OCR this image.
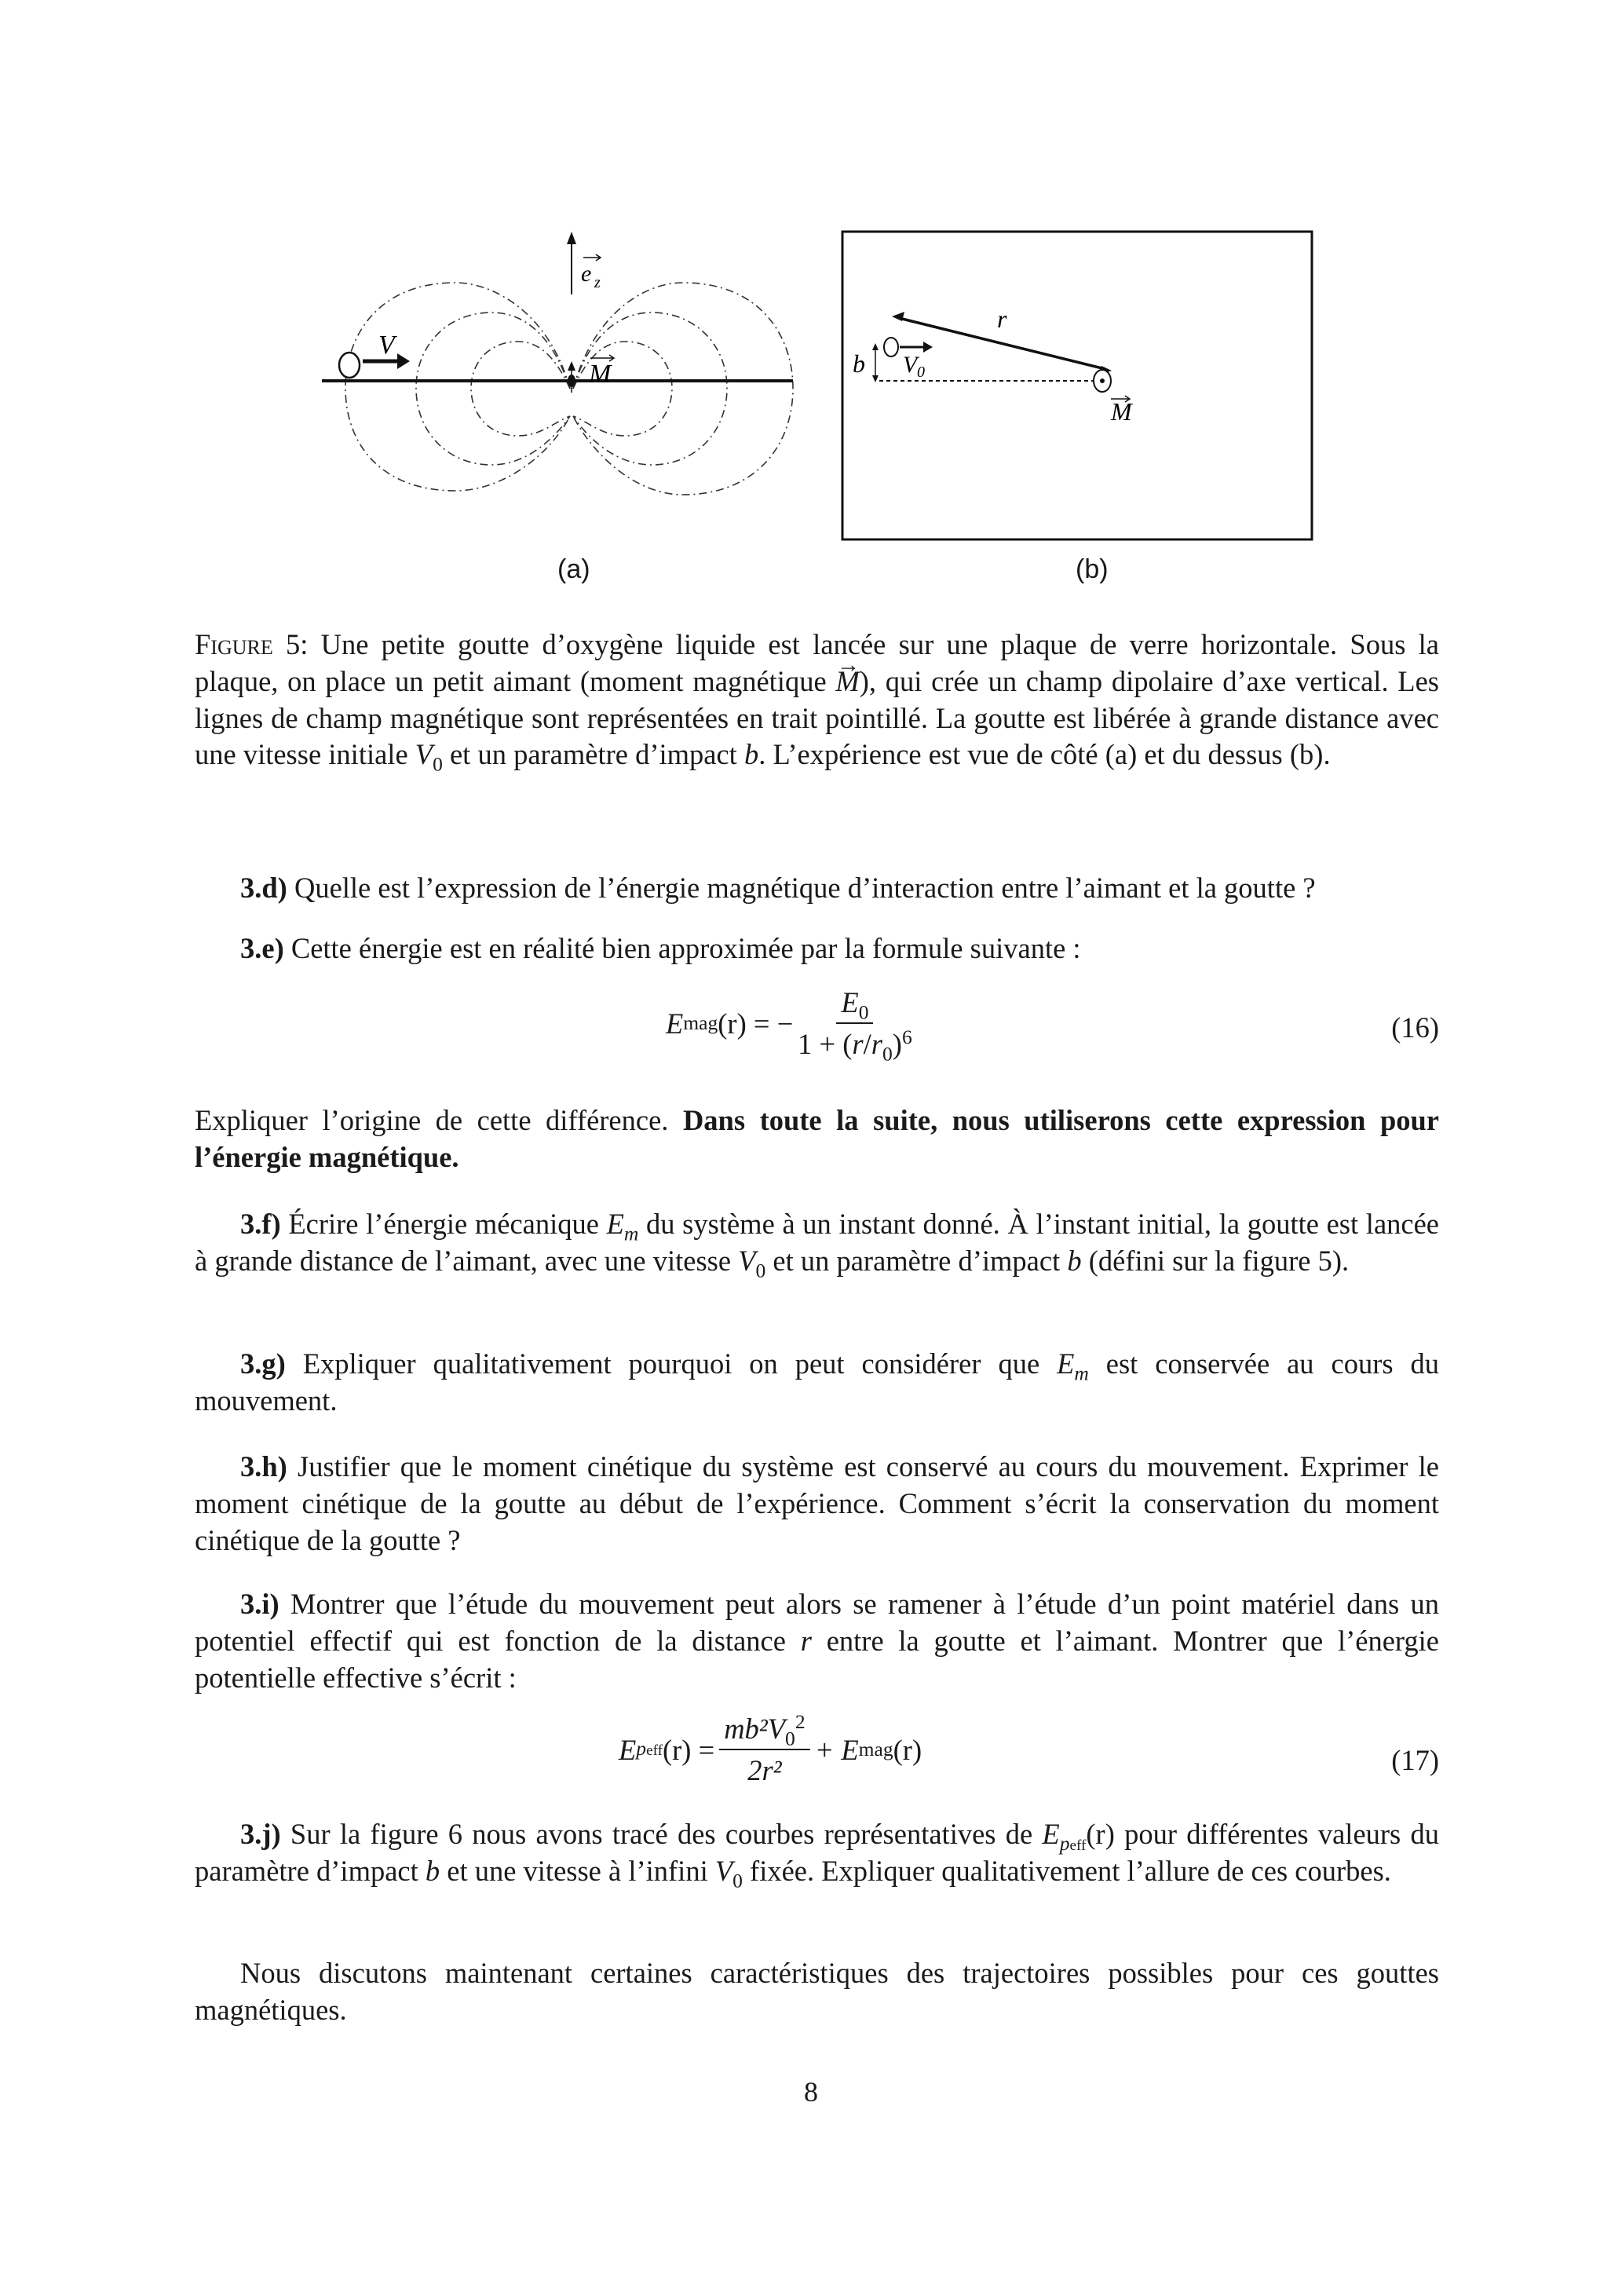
e z
V
M
(a)
r
V 0
b
M
(b)
Figure 5: Une petite goutte d’oxygène liquide est lancée sur une plaque de verre horizontale. Sous la plaque, on place un petit aimant (moment magnétique → M), qui crée un champ dipolaire d’axe vertical. Les lignes de champ magnétique sont représentées en trait pointillé. La goutte est libérée à grande distance avec une vitesse initiale $V_0$ et un paramètre d’impact b. L’expérience est vue de côté (a) et du dessus (b).
3.d) Quelle est l’expression de l’énergie magnétique d’interaction entre l’aimant et la goutte ?
3.e) Cette énergie est en réalité bien approximée par la formule suivante :
E mag (r) = − $\frac{E_0}{1 + (r/r_0)^6}$	(16)
Expliquer l’origine de cette différence. Dans toute la suite, nous utiliserons cette expression pour l’énergie magnétique.
3.f) Écrire l’énergie mécanique $E_m$ du système à un instant donné. À l’instant initial, la goutte est lancée à grande distance de l’aimant, avec une vitesse $V_0$ et un paramètre d’impact b (défini sur la figure 5).
3.g) Expliquer qualitativement pourquoi on peut considérer que $E_m$ est conservée au cours du mouvement.
3.h) Justifier que le moment cinétique du système est conservé au cours du mouvement. Exprimer le moment cinétique de la goutte au début de l’expérience. Comment s’écrit la conservation du moment cinétique de la goutte ?
3.i) Montrer que l’étude du mouvement peut alors se ramener à l’étude d’un point matériel dans un potentiel effectif qui est fonction de la distance r entre la goutte et l’aimant. Montrer que l’énergie potentielle effective s’écrit :
E peff $(r) = \frac{mb^2V_0^2}{\text{2r²}} + E$ mag (r)	(17)
3.j) Sur la figure 6 nous avons tracé des courbes représentatives de $E_{peff}(r)$ pour différentes valeurs du paramètre d’impact b et une vitesse à l’infini $V_0$ fixée. Expliquer qualitativement l’allure de ces courbes.
Nous discutons maintenant certaines caractéristiques des trajectoires possibles pour ces gouttes magnétiques.
8
